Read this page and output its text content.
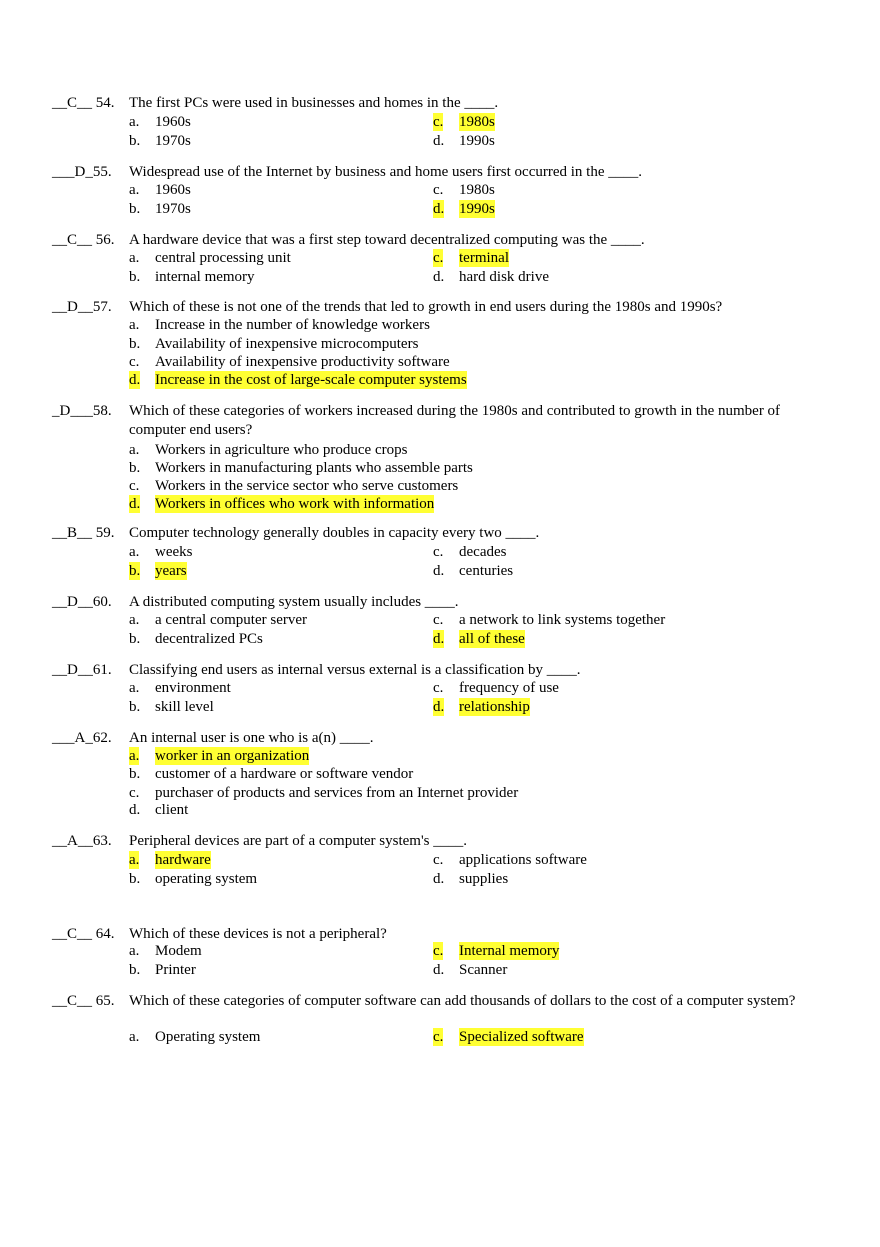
__C__ 54. The first PCs were used in businesses and homes in the ____.
a. 1960s
b. 1970s
c. 1980s
d. 1990s
___D_55. Widespread use of the Internet by business and home users first occurred in the ____.
a. 1960s
b. 1970s
c. 1980s
d. 1990s
__C__ 56. A hardware device that was a first step toward decentralized computing was the ____.
a. central processing unit
b. internal memory
c. terminal
d. hard disk drive
__D__57. Which of these is not one of the trends that led to growth in end users during the 1980s and 1990s?
a. Increase in the number of knowledge workers
b. Availability of inexpensive microcomputers
c. Availability of inexpensive productivity software
d. Increase in the cost of large-scale computer systems
_D___58. Which of these categories of workers increased during the 1980s and contributed to growth in the number of computer end users?
a. Workers in agriculture who produce crops
b. Workers in manufacturing plants who assemble parts
c. Workers in the service sector who serve customers
d. Workers in offices who work with information
__B__ 59. Computer technology generally doubles in capacity every two ____.
a. weeks
b. years
c. decades
d. centuries
__D__60. A distributed computing system usually includes ____.
a. a central computer server
b. decentralized PCs
c. a network to link systems together
d. all of these
__D__61. Classifying end users as internal versus external is a classification by ____.
a. environment
b. skill level
c. frequency of use
d. relationship
___A_62. An internal user is one who is a(n) ____.
a. worker in an organization
b. customer of a hardware or software vendor
c. purchaser of products and services from an Internet provider
d. client
__A__63. Peripheral devices are part of a computer system's ____.
a. hardware
b. operating system
c. applications software
d. supplies
__C__ 64. Which of these devices is not a peripheral?
a. Modem
b. Printer
c. Internal memory
d. Scanner
__C__ 65. Which of these categories of computer software can add thousands of dollars to the cost of a computer system?
a. Operating system	c. Specialized software
